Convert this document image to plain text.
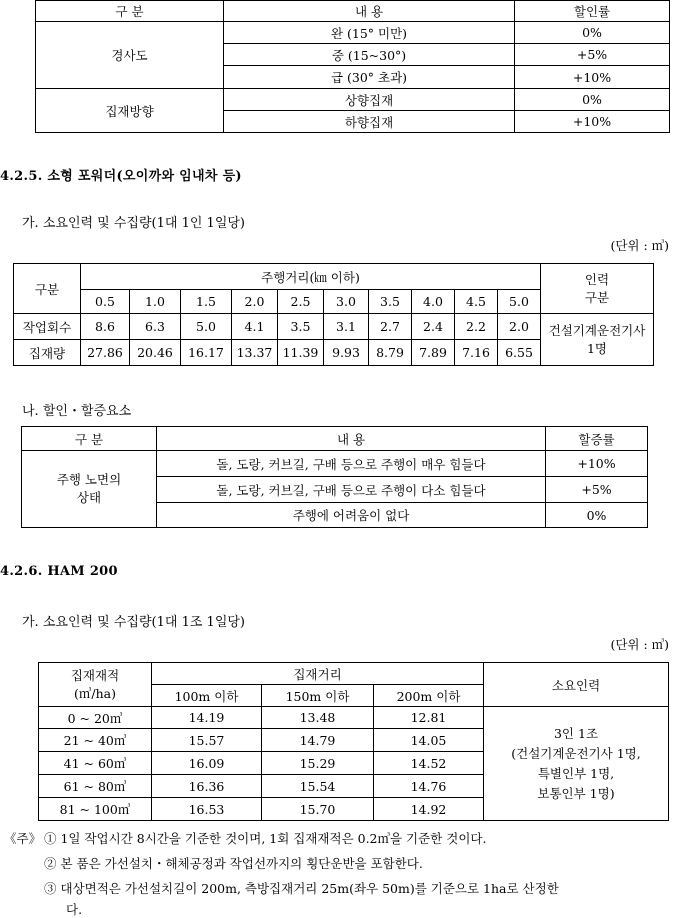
구 분	내 용	할인률
경사도	완 (15° 미만)	0%
	중 (15~30°)	+5%
	급 (30° 초과)	+10%
집재방향	상향집재	0%
	하향집재	+10%
4.2.5. 소형 포워더(오이까와 임내차 등)
가. 소요인력 및 수집량(1대 1인 1일당)
(단위 : ㎥)
구분	주행거리(㎞ 이하)										인력
구분
	0.5	1.0	1.5	2.0	2.5	3.0	3.5	4.0	4.5	5.0	
작업회수	8.6	6.3	5.0	4.1	3.5	3.1	2.7	2.4	2.2	2.0	건설기계운전기사
1명
집재량	27.86	20.46	16.17	13.37	11.39	9.93	8.79	7.89	7.16	6.55	
나. 할인・할증요소
구 분	내 용	할증률
주행 노면의
상태	돌, 도랑, 커브길, 구배 등으로 주행이 매우 힘들다	+10%
	돌, 도랑, 커브길, 구배 등으로 주행이 다소 힘들다	+5%
	주행에 어려움이 없다	0%
4.2.6. HAM 200
가. 소요인력 및 수집량(1대 1조 1일당)
(단위 : ㎥)
집재재적
(㎥/ha)	집재거리			소요인력
	100m 이하	150m 이하	200m 이하	
0 ~ 20㎥	14.19	13.48	12.81	3인 1조
(건설기계운전기사 1명,
특별인부 1명,
보통인부 1명)
21 ~ 40㎥	15.57	14.79	14.05	
41 ~ 60㎥	16.09	15.29	14.52	
61 ~ 80㎥	16.36	15.54	14.76	
81 ~ 100㎥	16.53	15.70	14.92	
《주》 ① 1일 작업시간 8시간을 기준한 것이며, 1회 집재재적은 0.2㎥을 기준한 것이다.
② 본 품은 가선설치・해체공정과 작업선까지의 횡단운반을 포함한다.
③ 대상면적은 가선설치길이 200m, 측방집재거리 25m(좌우 50m)를 기준으로 1ha로 산정한
다.
